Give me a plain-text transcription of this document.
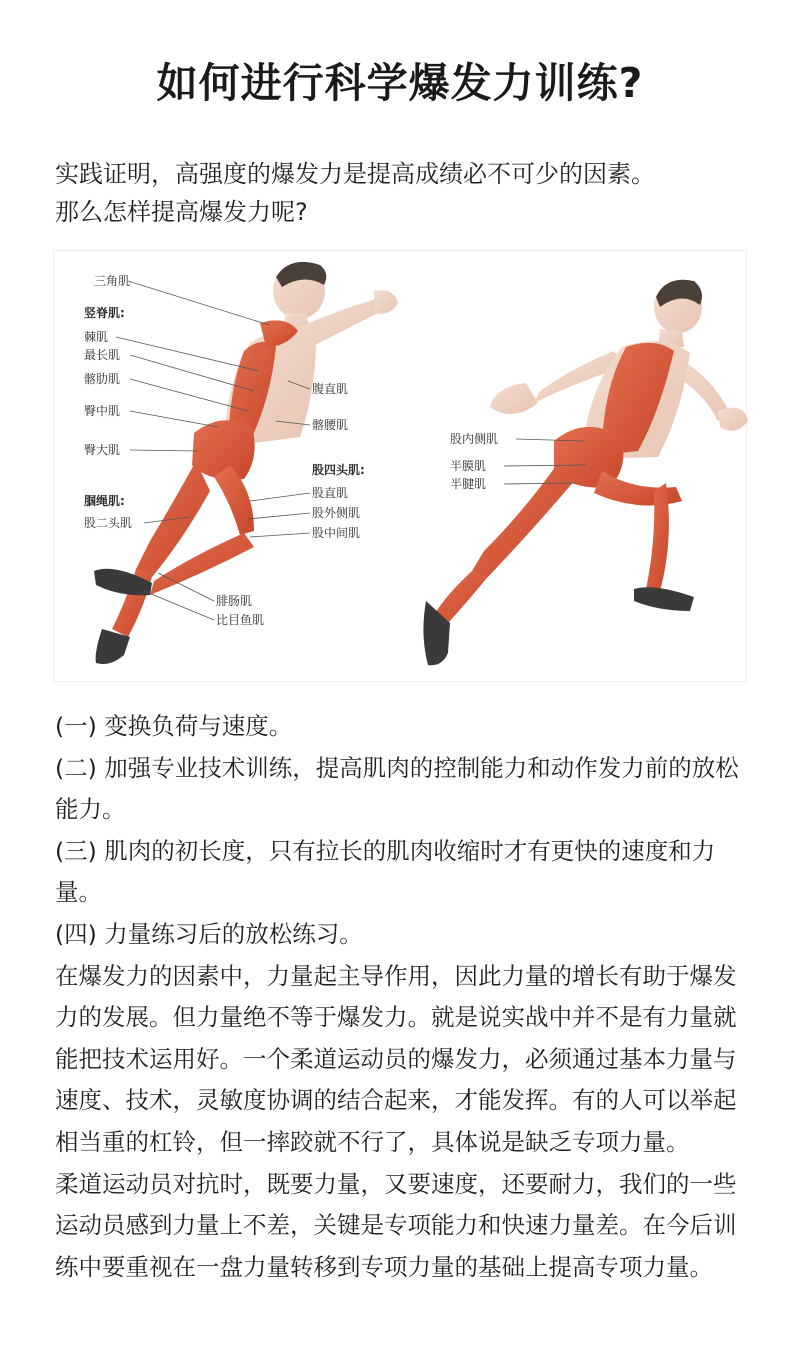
如何进行科学爆发力训练?

实践证明，高强度的爆发力是提高成绩必不可少的因素。

那么怎样提高爆发力呢?

三角肌
竖脊肌:
棘肌
最长肌
髂肋肌
臀中肌
臀大肌
腘绳肌:
股二头肌
腹直肌
髂腰肌
股四头肌:
股直肌
股外侧肌
股中间肌
腓肠肌
比目鱼肌
股内侧肌
半膜肌
半腱肌

(一) 变换负荷与速度。

(二) 加强专业技术训练，提高肌肉的控制能力和动作发力前的放松能力。

(三) 肌肉的初长度，只有拉长的肌肉收缩时才有更快的速度和力量。

(四) 力量练习后的放松练习。

在爆发力的因素中，力量起主导作用，因此力量的增长有助于爆发力的发展。但力量绝不等于爆发力。就是说实战中并不是有力量就能把技术运用好。一个柔道运动员的爆发力，必须通过基本力量与速度、技术，灵敏度协调的结合起来，才能发挥。有的人可以举起相当重的杠铃，但一摔跤就不行了，具体说是缺乏专项力量。

柔道运动员对抗时，既要力量，又要速度，还要耐力，我们的一些运动员感到力量上不差，关键是专项能力和快速力量差。在今后训练中要重视在一盘力量转移到专项力量的基础上提高专项力量。
